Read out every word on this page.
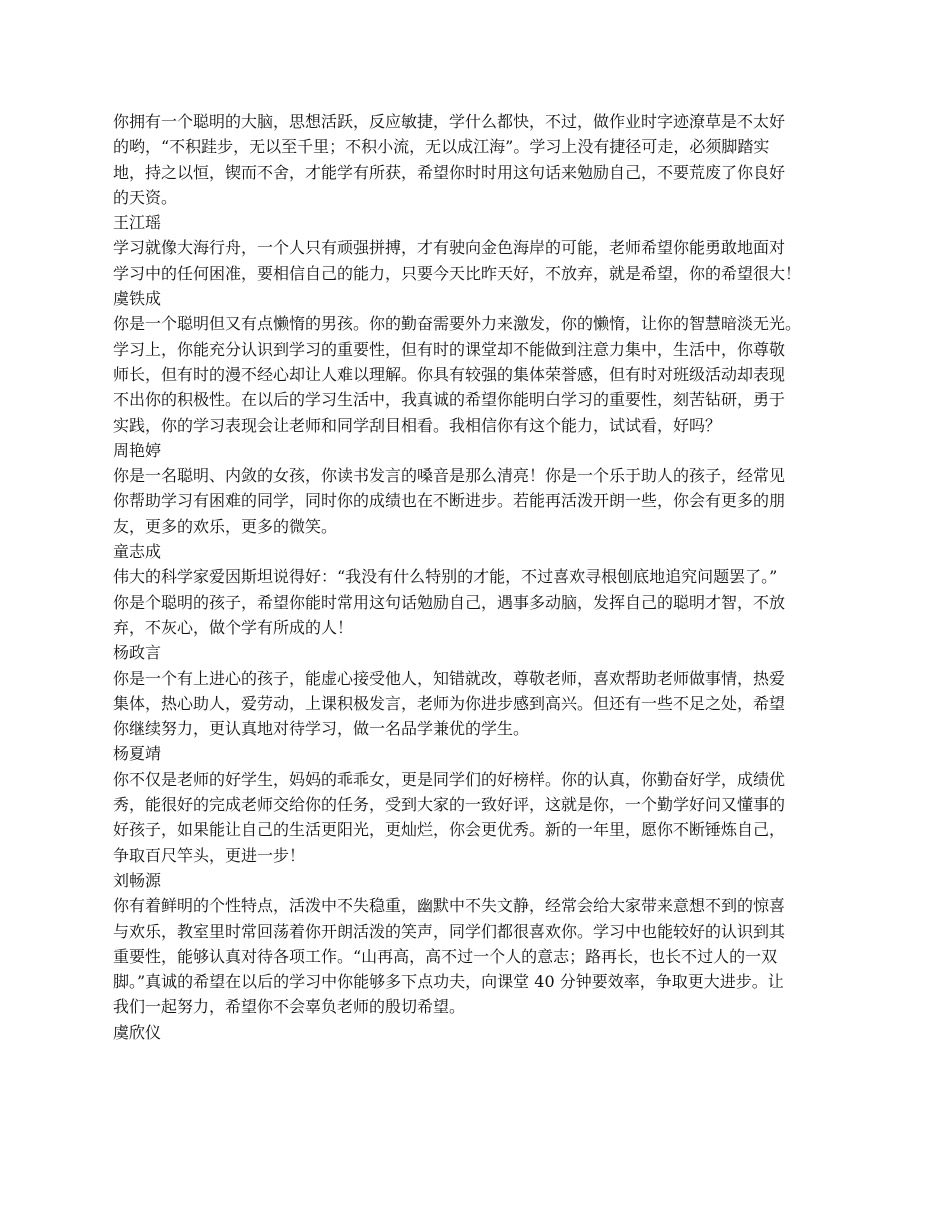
你拥有一个聪明的大脑，思想活跃，反应敏捷，学什么都快，不过，做作业时字迹潦草是不太好
的哟，“不积跬步，无以至千里；不积小流，无以成江海”。学习上没有捷径可走，必须脚踏实
地，持之以恒，锲而不舍，才能学有所获，希望你时时用这句话来勉励自己，不要荒废了你良好
的天资。
王江瑶
学习就像大海行舟，一个人只有顽强拼搏，才有驶向金色海岸的可能，老师希望你能勇敢地面对
学习中的任何困准，要相信自己的能力，只要今天比昨天好，不放弃，就是希望，你的希望很大！
虞铁成
你是一个聪明但又有点懒惰的男孩。你的勤奋需要外力来激发，你的懒惰，让你的智慧暗淡无光。
学习上，你能充分认识到学习的重要性，但有时的课堂却不能做到注意力集中，生活中，你尊敬
师长，但有时的漫不经心却让人难以理解。你具有较强的集体荣誉感，但有时对班级活动却表现
不出你的积极性。在以后的学习生活中，我真诚的希望你能明白学习的重要性，刻苦钻研，勇于
实践，你的学习表现会让老师和同学刮目相看。我相信你有这个能力，试试看，好吗？
周艳婷
你是一名聪明、内敛的女孩，你读书发言的嗓音是那么清亮！你是一个乐于助人的孩子，经常见
你帮助学习有困难的同学，同时你的成绩也在不断进步。若能再活泼开朗一些，你会有更多的朋
友，更多的欢乐，更多的微笑。
童志成
伟大的科学家爱因斯坦说得好：“我没有什么特别的才能，不过喜欢寻根刨底地追究问题罢了。”
你是个聪明的孩子，希望你能时常用这句话勉励自己，遇事多动脑，发挥自己的聪明才智，不放
弃，不灰心，做个学有所成的人！
杨政言
你是一个有上进心的孩子，能虚心接受他人，知错就改，尊敬老师，喜欢帮助老师做事情，热爱
集体，热心助人，爱劳动，上课积极发言，老师为你进步感到高兴。但还有一些不足之处，希望
你继续努力，更认真地对待学习，做一名品学兼优的学生。
杨夏靖
你不仅是老师的好学生，妈妈的乖乖女，更是同学们的好榜样。你的认真，你勤奋好学，成绩优
秀，能很好的完成老师交给你的任务，受到大家的一致好评，这就是你，一个勤学好问又懂事的
好孩子，如果能让自己的生活更阳光，更灿烂，你会更优秀。新的一年里，愿你不断锤炼自己，
争取百尺竿头，更进一步！
刘畅源
你有着鲜明的个性特点，活泼中不失稳重，幽默中不失文静，经常会给大家带来意想不到的惊喜
与欢乐，教室里时常回荡着你开朗活泼的笑声，同学们都很喜欢你。学习中也能较好的认识到其
重要性，能够认真对待各项工作。“山再高，高不过一个人的意志；路再长，也长不过人的一双
脚。”真诚的希望在以后的学习中你能够多下点功夫，向课堂 40 分钟要效率，争取更大进步。让
我们一起努力，希望你不会辜负老师的殷切希望。
虞欣仪
